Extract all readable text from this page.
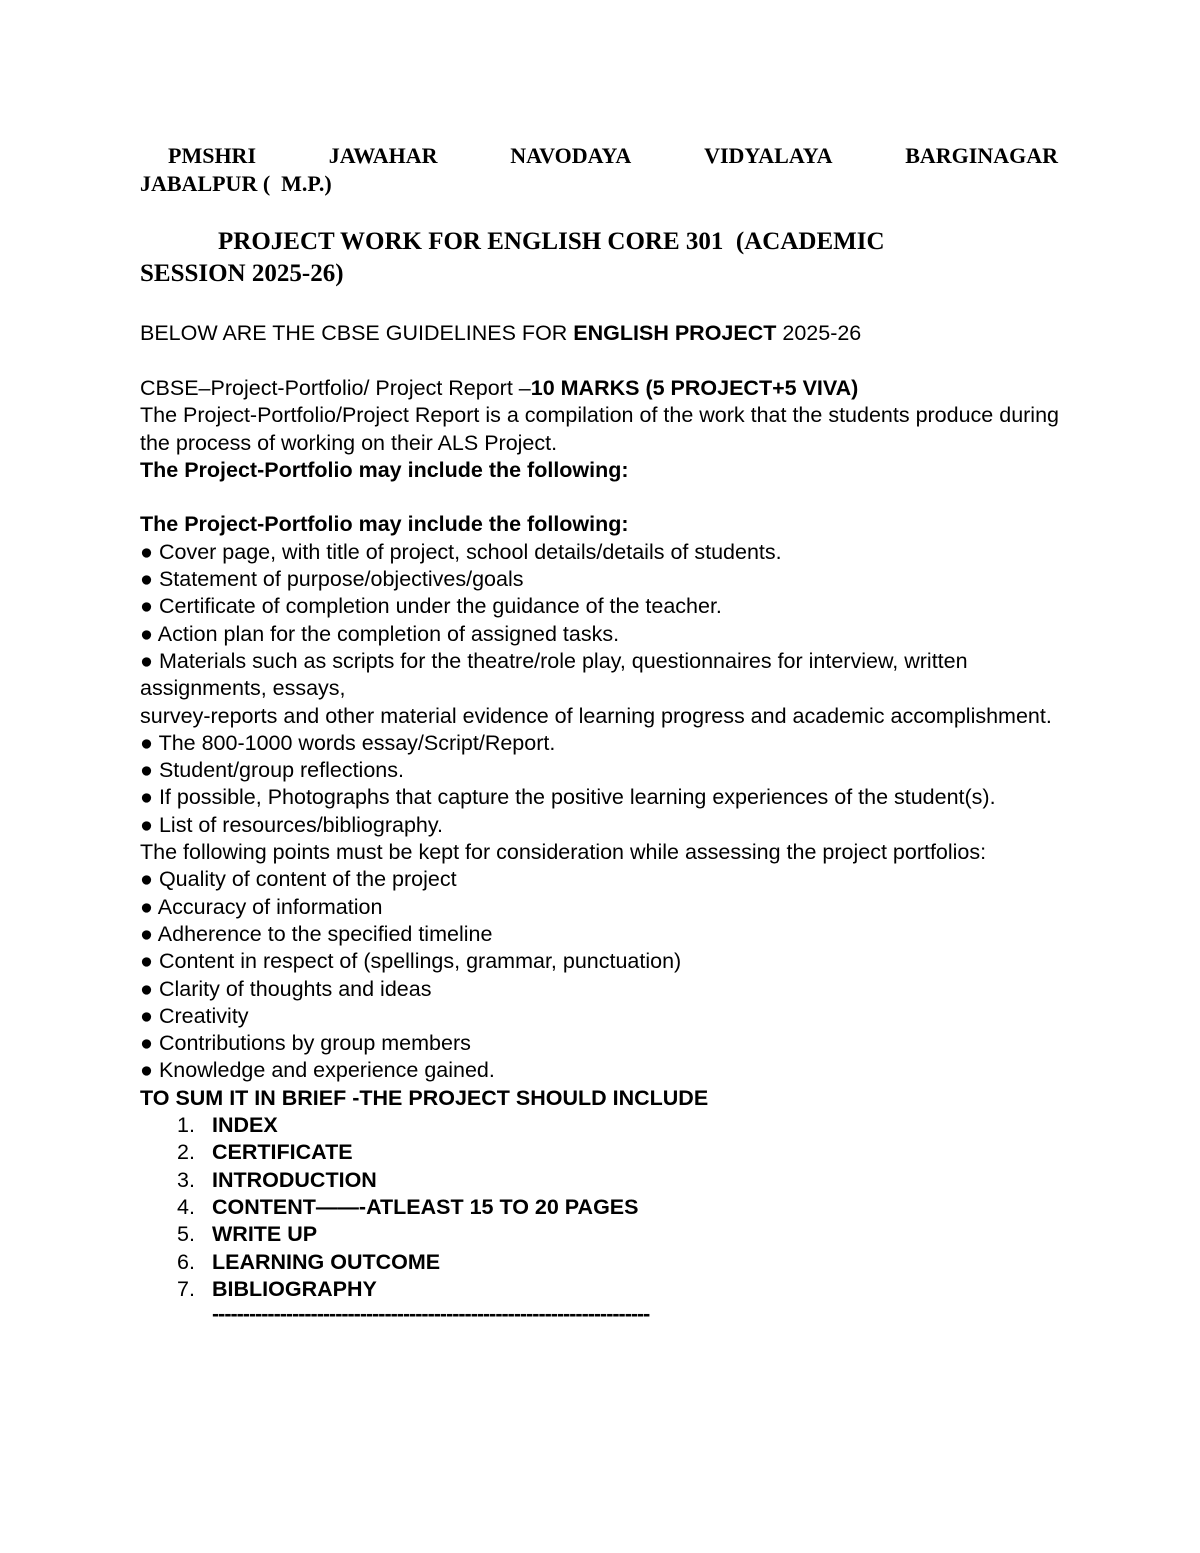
PMSHRI	JAWAHAR	NAVODAYA	VIDYALAYA	BARGINAGAR
JABALPUR (  M.P.)
PROJECT WORK FOR ENGLISH CORE 301  (ACADEMIC
SESSION 2025-26)
BELOW ARE THE CBSE GUIDELINES FOR ENGLISH PROJECT 2025-26
CBSE–Project-Portfolio/ Project Report –10 MARKS (5 PROJECT+5 VIVA)
The Project-Portfolio/Project Report is a compilation of the work that the students produce during the process of working on their ALS Project.
The Project-Portfolio may include the following:
The Project-Portfolio may include the following:
● Cover page, with title of project, school details/details of students.
● Statement of purpose/objectives/goals
● Certificate of completion under the guidance of the teacher.
● Action plan for the completion of assigned tasks.
● Materials such as scripts for the theatre/role play, questionnaires for interview, written assignments, essays,
survey-reports and other material evidence of learning progress and academic accomplishment.
● The 800-1000 words essay/Script/Report.
● Student/group reflections.
● If possible, Photographs that capture the positive learning experiences of the student(s).
● List of resources/bibliography.
The following points must be kept for consideration while assessing the project portfolios:
● Quality of content of the project
● Accuracy of information
● Adherence to the specified timeline
● Content in respect of (spellings, grammar, punctuation)
● Clarity of thoughts and ideas
● Creativity
● Contributions by group members
● Knowledge and experience gained.
TO SUM IT IN BRIEF -THE PROJECT SHOULD INCLUDE
1. INDEX
2. CERTIFICATE
3. INTRODUCTION
4. CONTENT——-ATLEAST 15 TO 20 PAGES
5. WRITE UP
6. LEARNING OUTCOME
7. BIBLIOGRAPHY
-----------------------------------------------------------------------
